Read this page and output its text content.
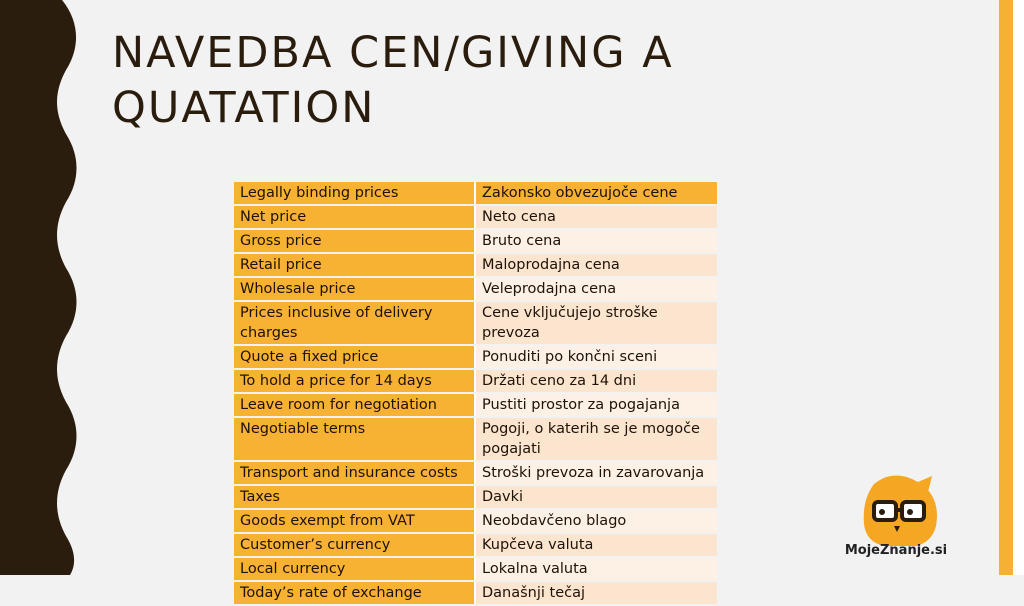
NAVEDBA CEN/GIVING A QUATATION
Legally binding prices	Zakonsko obvezujoče cene
Net price	Neto cena
Gross price	Bruto cena
Retail price	Maloprodajna cena
Wholesale price	Veleprodajna cena
Prices inclusive of delivery charges	Cene vključujejo stroške prevoza
Quote a fixed price	Ponuditi po končni sceni
To hold a price for 14 days	Držati ceno za 14 dni
Leave room for negotiation	Pustiti prostor za pogajanja
Negotiable terms	Pogoji, o katerih se je mogoče pogajati
Transport and insurance costs	Stroški prevoza in zavarovanja
Taxes	Davki
Goods exempt from VAT	Neobdavčeno blago
Customer’s currency	Kupčeva valuta
Local currency	Lokalna valuta
Today’s rate of exchange	Današnji tečaj
MojeZnanje.si
